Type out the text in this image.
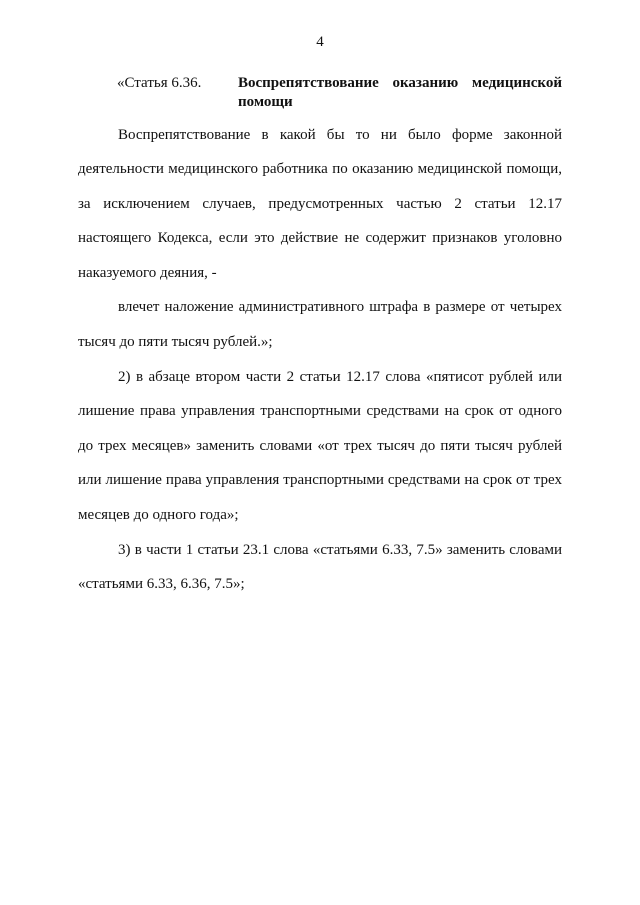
4
«Статья 6.36. Воспрепятствование оказанию медицинской помощи
Воспрепятствование в какой бы то ни было форме законной
деятельности медицинского работника по оказанию медицинской помощи,
за исключением случаев, предусмотренных частью 2 статьи 12.17
настоящего Кодекса, если это действие не содержит признаков уголовно
наказуемого деяния, -
влечет наложение административного штрафа в размере от четырех
тысяч до пяти тысяч рублей.»;
2) в абзаце втором части 2 статьи 12.17 слова «пятисот рублей или
лишение права управления транспортными средствами на срок от одного
до трех месяцев» заменить словами «от трех тысяч до пяти тысяч рублей
или лишение права управления транспортными средствами на срок от трех
месяцев до одного года»;
3) в части 1 статьи 23.1 слова «статьями 6.33, 7.5» заменить словами
«статьями 6.33, 6.36, 7.5»;
